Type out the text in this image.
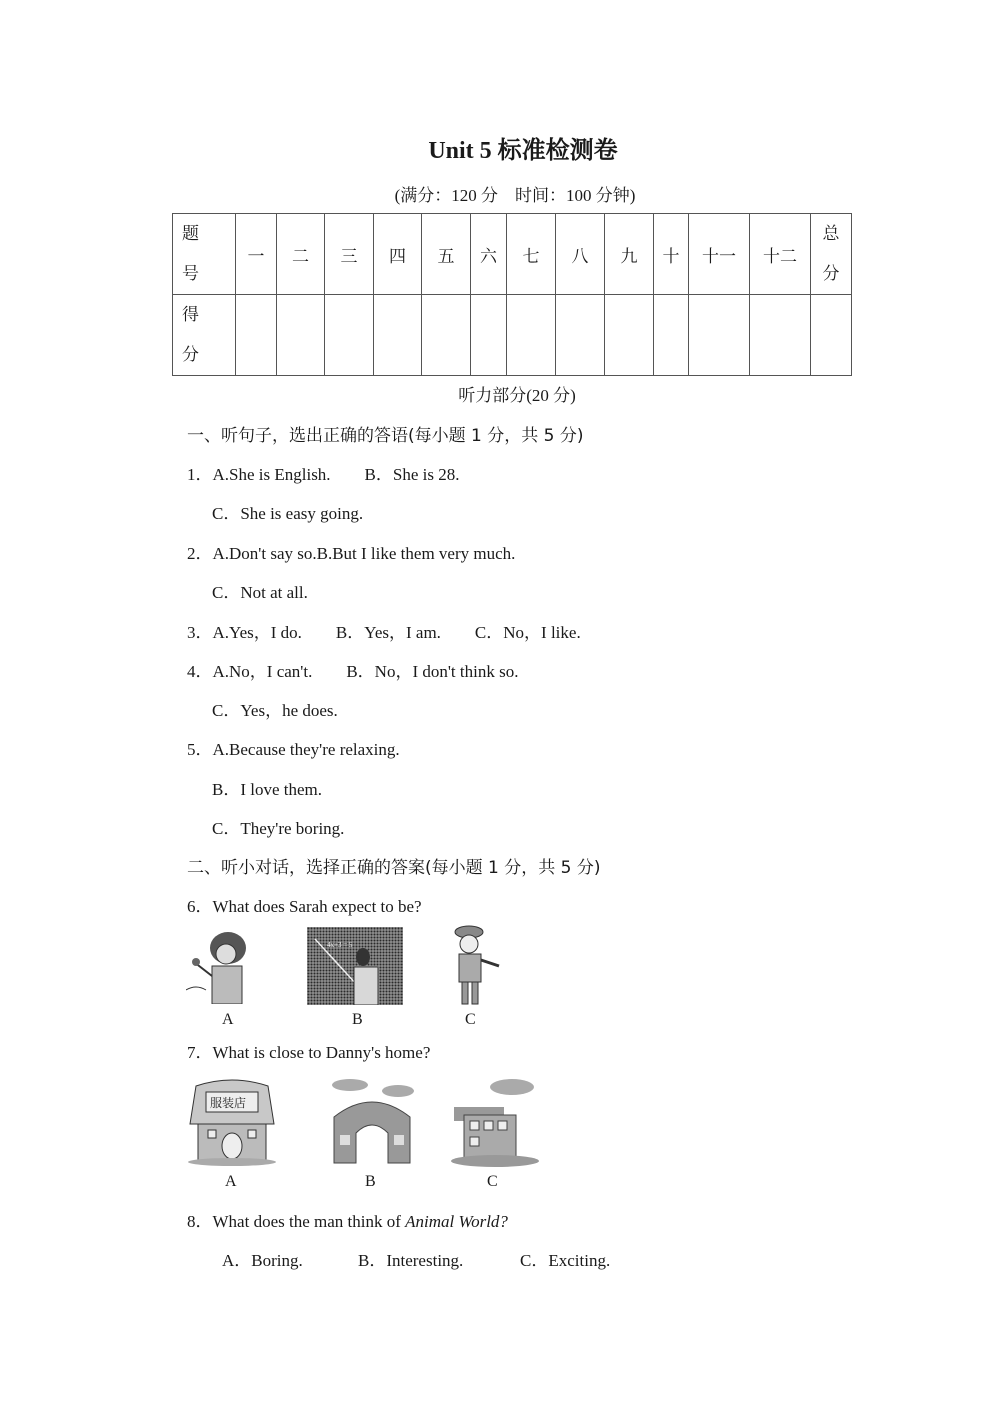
Unit 5 标准检测卷
(满分：120 分　时间：100 分钟)
题号	一	二	三	四	五	六	七	八	九	十	十一	十二	总分
得分													
听力部分(20 分)
一、听句子，选出正确的答语(每小题 1 分，共 5 分)
1．A.She is English.　　B．She is 28.
C．She is easy going.
2．A.Don't say so.B.But I like them very much.
C．Not at all.
3．A.Yes，I do.　　B．Yes，I am.　　C．No，I like.
4．A.No，I can't.　　B．No，I don't think so.
C．Yes，he does.
5．A.Because they're relaxing.
B．I love them.
C．They're boring.
二、听小对话，选择正确的答案(每小题 1 分，共 5 分)
6．What does Sarah expect to be?
A
4x+3 = 5
B	C
7．What is close to Danny's home?
服装店
A	B	C
8．What does the man think of Animal World?
A．Boring.	B．Interesting.	C．Exciting.
